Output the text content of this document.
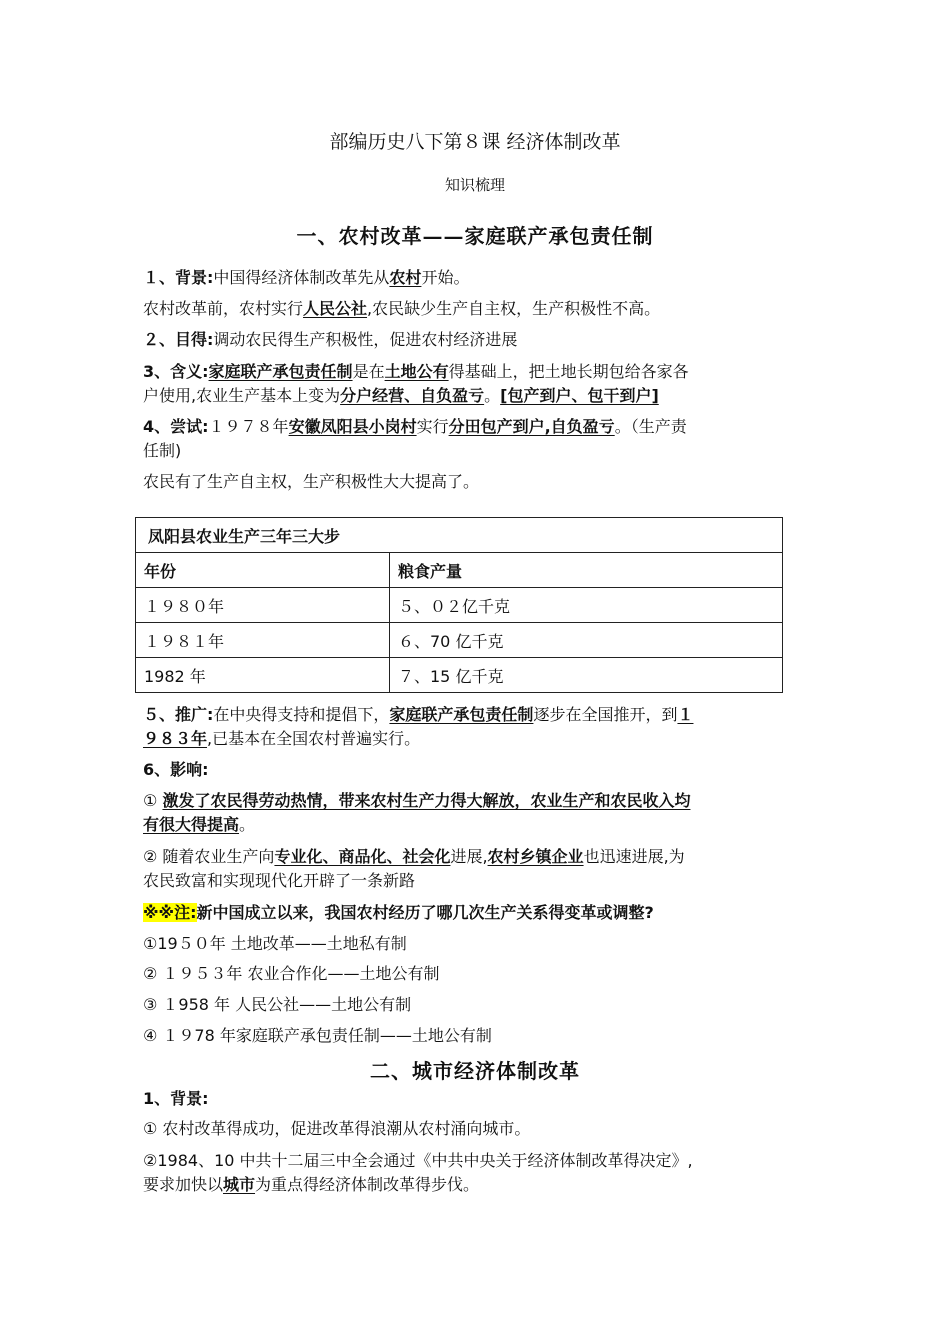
部编历史八下第８课 经济体制改革
知识梳理
一、农村改革——家庭联产承包责任制
１、背景:中国得经济体制改革先从农村开始。
农村改革前，农村实行人民公社,农民缺少生产自主权，生产积极性不高。
２、目得:调动农民得生产积极性，促进农村经济进展
3、含义:家庭联产承包责任制是在土地公有得基础上，把土地长期包给各家各
户使用,农业生产基本上变为分户经营、自负盈亏。[包产到户、包干到户]
4、尝试:１９７８年安徽凤阳县小岗村实行分田包产到户,自负盈亏。（生产责
任制)
农民有了生产自主权，生产积极性大大提高了。
凤阳县农业生产三年三大步	
年份	粮食产量
１９８０年	５、０２亿千克
１９８１年	６、70 亿千克
1982 年	７、15 亿千克
５、推广:在中央得支持和提倡下，家庭联产承包责任制逐步在全国推开，到１
９８３年,已基本在全国农村普遍实行。
6、影响:
① 激发了农民得劳动热情，带来农村生产力得大解放，农业生产和农民收入均
有很大得提高。
② 随着农业生产向专业化、商品化、社会化进展,农村乡镇企业也迅速进展,为
农民致富和实现现代化开辟了一条新路
※※注:新中国成立以来，我国农村经历了哪几次生产关系得变革或调整?
①19５０年 土地改革——土地私有制
② １９５３年 农业合作化——土地公有制
③ １958 年 人民公社——土地公有制
④ １９78 年家庭联产承包责任制——土地公有制
二、城市经济体制改革
1、背景:
① 农村改革得成功，促进改革得浪潮从农村涌向城市。
②1984、10 中共十二届三中全会通过《中共中央关于经济体制改革得决定》,
要求加快以城市为重点得经济体制改革得步伐。
